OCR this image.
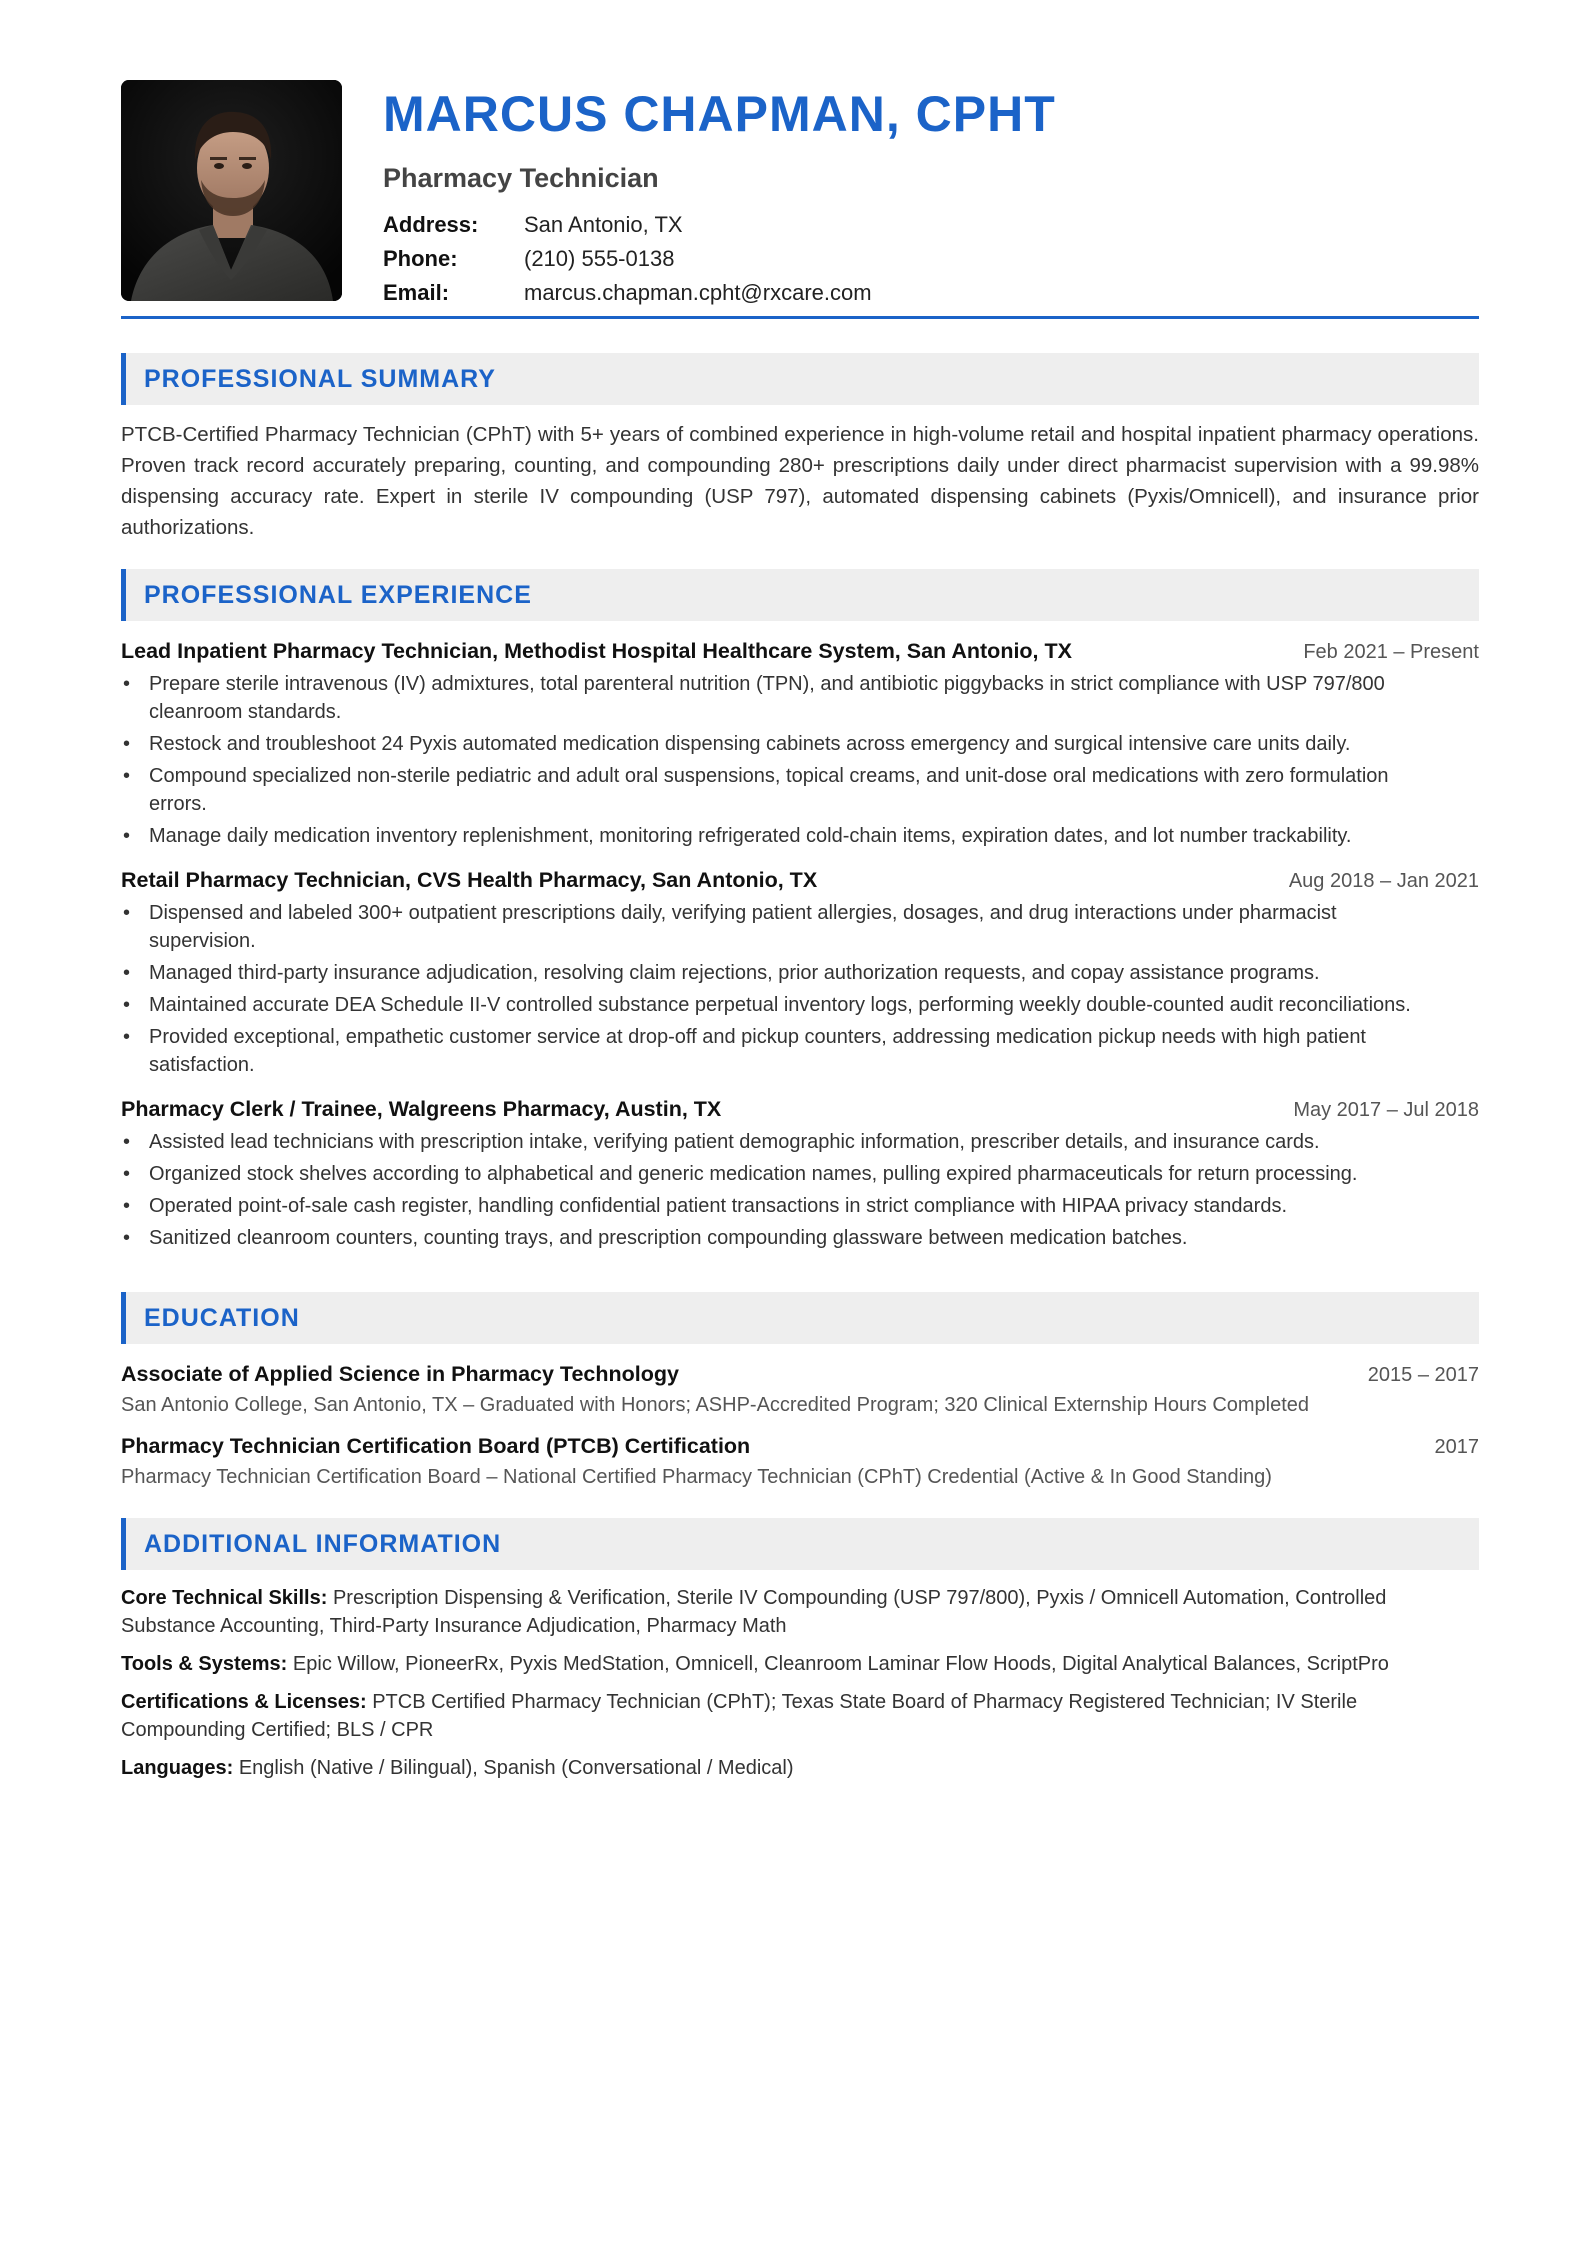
MARCUS CHAPMAN, CPHT
Pharmacy Technician
Address:	San Antonio, TX
Phone:	(210) 555-0138
Email:	marcus.chapman.cpht@rxcare.com
PROFESSIONAL SUMMARY
PTCB-Certified Pharmacy Technician (CPhT) with 5+ years of combined experience in high-volume retail and hospital inpatient pharmacy operations. Proven track record accurately preparing, counting, and compounding 280+ prescriptions daily under direct pharmacist supervision with a 99.98% dispensing accuracy rate. Expert in sterile IV compounding (USP 797), automated dispensing cabinets (Pyxis/Omnicell), and insurance prior authorizations.
PROFESSIONAL EXPERIENCE
Lead Inpatient Pharmacy Technician, Methodist Hospital Healthcare System, San Antonio, TX	Feb 2021 – Present
• Prepare sterile intravenous (IV) admixtures, total parenteral nutrition (TPN), and antibiotic piggybacks in strict compliance with USP 797/800 cleanroom standards.
• Restock and troubleshoot 24 Pyxis automated medication dispensing cabinets across emergency and surgical intensive care units daily.
• Compound specialized non-sterile pediatric and adult oral suspensions, topical creams, and unit-dose oral medications with zero formulation errors.
• Manage daily medication inventory replenishment, monitoring refrigerated cold-chain items, expiration dates, and lot number trackability.
Retail Pharmacy Technician, CVS Health Pharmacy, San Antonio, TX	Aug 2018 – Jan 2021
• Dispensed and labeled 300+ outpatient prescriptions daily, verifying patient allergies, dosages, and drug interactions under pharmacist supervision.
• Managed third-party insurance adjudication, resolving claim rejections, prior authorization requests, and copay assistance programs.
• Maintained accurate DEA Schedule II-V controlled substance perpetual inventory logs, performing weekly double-counted audit reconciliations.
• Provided exceptional, empathetic customer service at drop-off and pickup counters, addressing medication pickup needs with high patient satisfaction.
Pharmacy Clerk / Trainee, Walgreens Pharmacy, Austin, TX	May 2017 – Jul 2018
• Assisted lead technicians with prescription intake, verifying patient demographic information, prescriber details, and insurance cards.
• Organized stock shelves according to alphabetical and generic medication names, pulling expired pharmaceuticals for return processing.
• Operated point-of-sale cash register, handling confidential patient transactions in strict compliance with HIPAA privacy standards.
• Sanitized cleanroom counters, counting trays, and prescription compounding glassware between medication batches.
EDUCATION
Associate of Applied Science in Pharmacy Technology	2015 – 2017
San Antonio College, San Antonio, TX – Graduated with Honors; ASHP-Accredited Program; 320 Clinical Externship Hours Completed
Pharmacy Technician Certification Board (PTCB) Certification	2017
Pharmacy Technician Certification Board – National Certified Pharmacy Technician (CPhT) Credential (Active & In Good Standing)
ADDITIONAL INFORMATION
Core Technical Skills: Prescription Dispensing & Verification, Sterile IV Compounding (USP 797/800), Pyxis / Omnicell Automation, Controlled Substance Accounting, Third-Party Insurance Adjudication, Pharmacy Math
Tools & Systems: Epic Willow, PioneerRx, Pyxis MedStation, Omnicell, Cleanroom Laminar Flow Hoods, Digital Analytical Balances, ScriptPro
Certifications & Licenses: PTCB Certified Pharmacy Technician (CPhT); Texas State Board of Pharmacy Registered Technician; IV Sterile Compounding Certified; BLS / CPR
Languages: English (Native / Bilingual), Spanish (Conversational / Medical)
